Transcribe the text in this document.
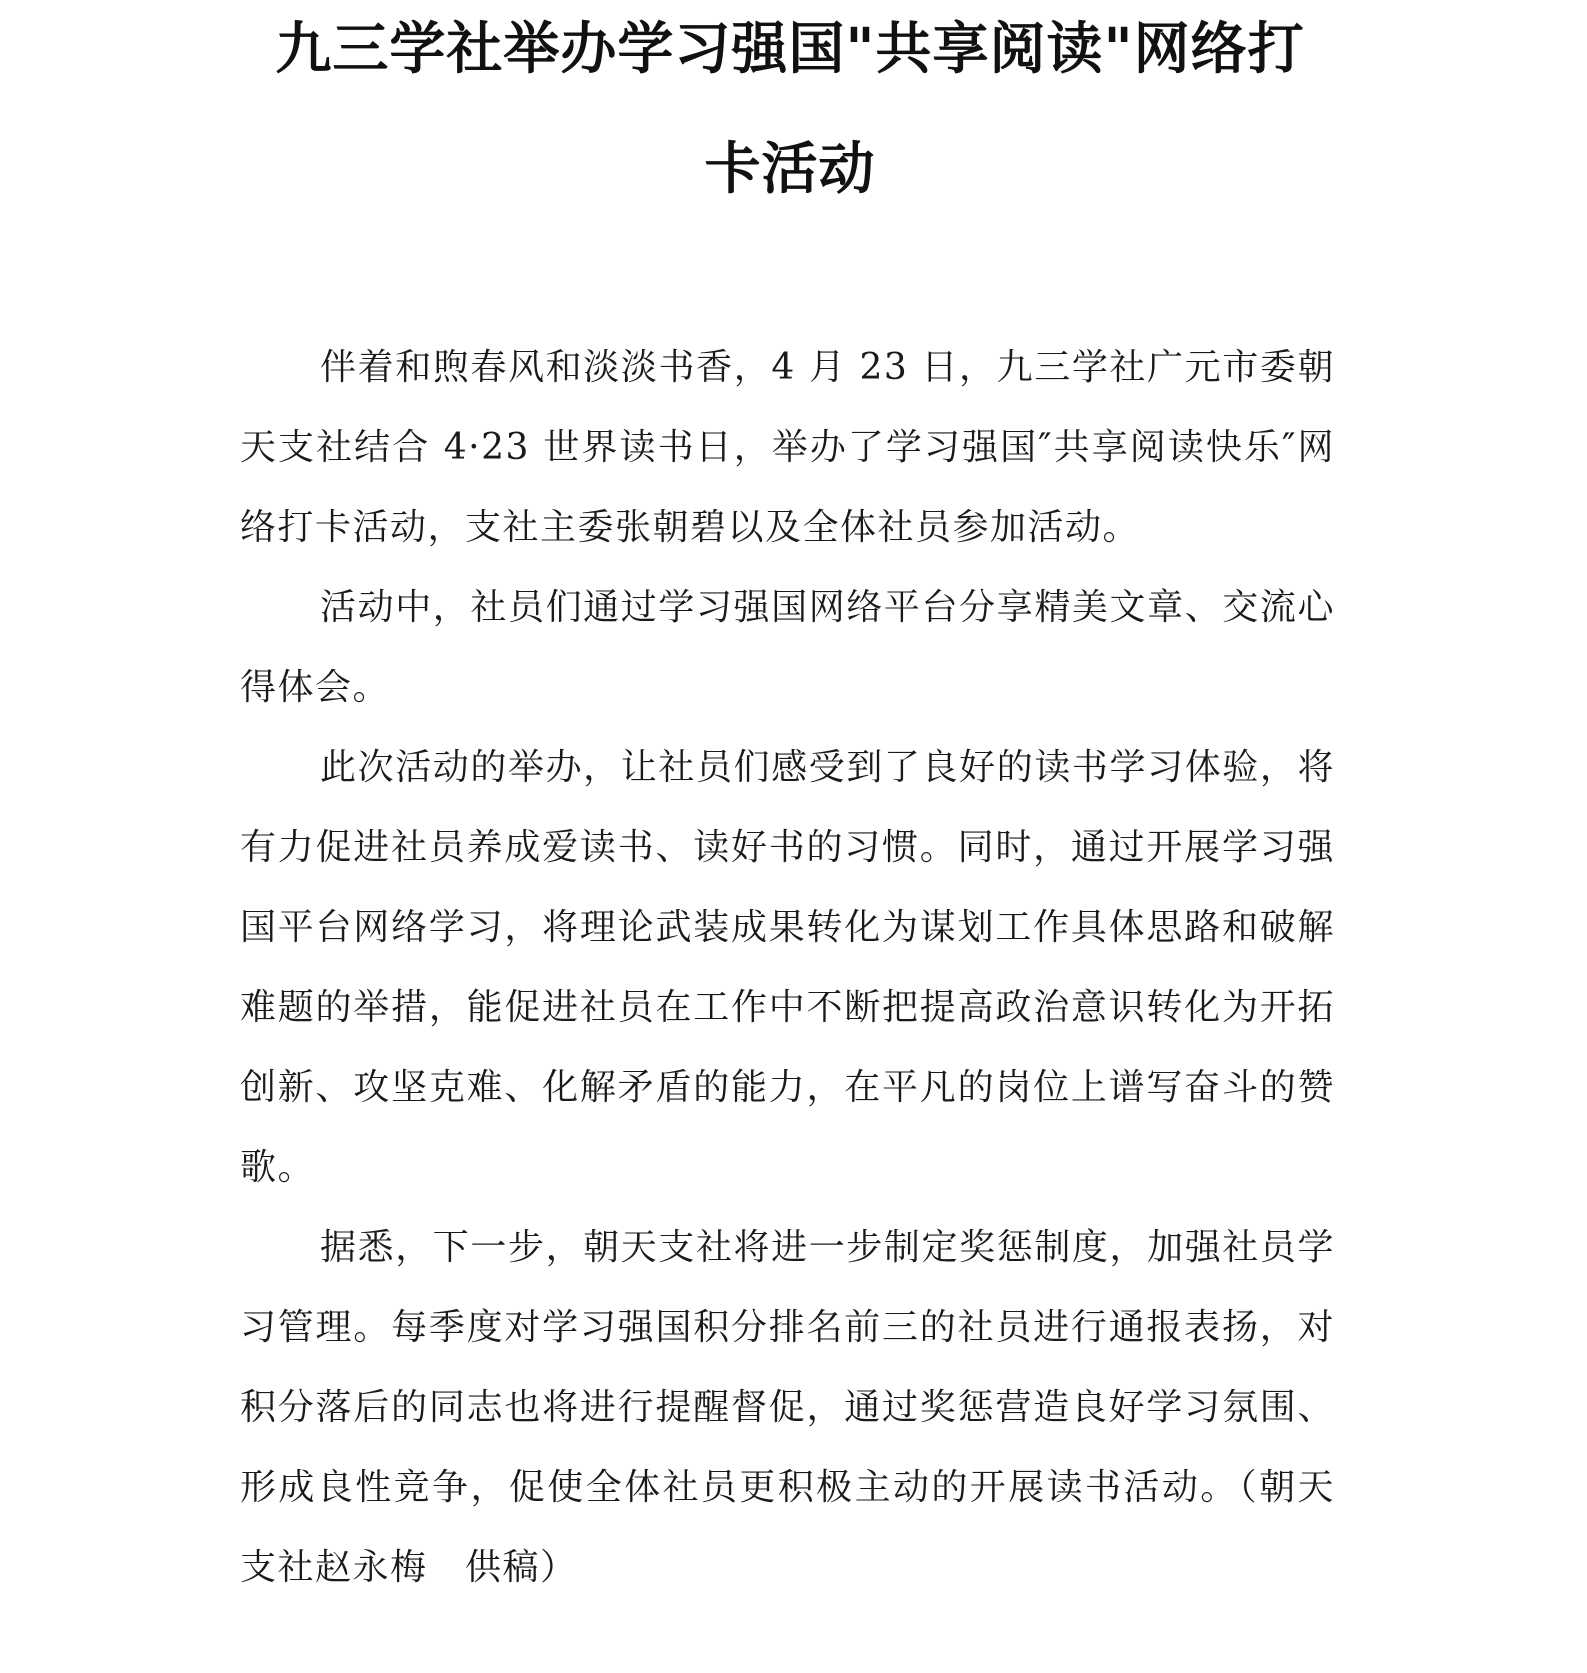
九三学社举办学习强国"共享阅读"网络打
卡活动

伴着和煦春风和淡淡书香，4 月 23 日，九三学社广元市委朝天支社结合 4·23 世界读书日，举办了学习强国″共享阅读快乐″网络打卡活动，支社主委张朝碧以及全体社员参加活动。

活动中，社员们通过学习强国网络平台分享精美文章、交流心得体会。

此次活动的举办，让社员们感受到了良好的读书学习体验，将有力促进社员养成爱读书、读好书的习惯。同时，通过开展学习强国平台网络学习，将理论武装成果转化为谋划工作具体思路和破解难题的举措，能促进社员在工作中不断把提高政治意识转化为开拓创新、攻坚克难、化解矛盾的能力，在平凡的岗位上谱写奋斗的赞歌。

据悉，下一步，朝天支社将进一步制定奖惩制度，加强社员学习管理。每季度对学习强国积分排名前三的社员进行通报表扬，对积分落后的同志也将进行提醒督促，通过奖惩营造良好学习氛围、形成良性竞争，促使全体社员更积极主动的开展读书活动。（朝天支社赵永梅　供稿）
